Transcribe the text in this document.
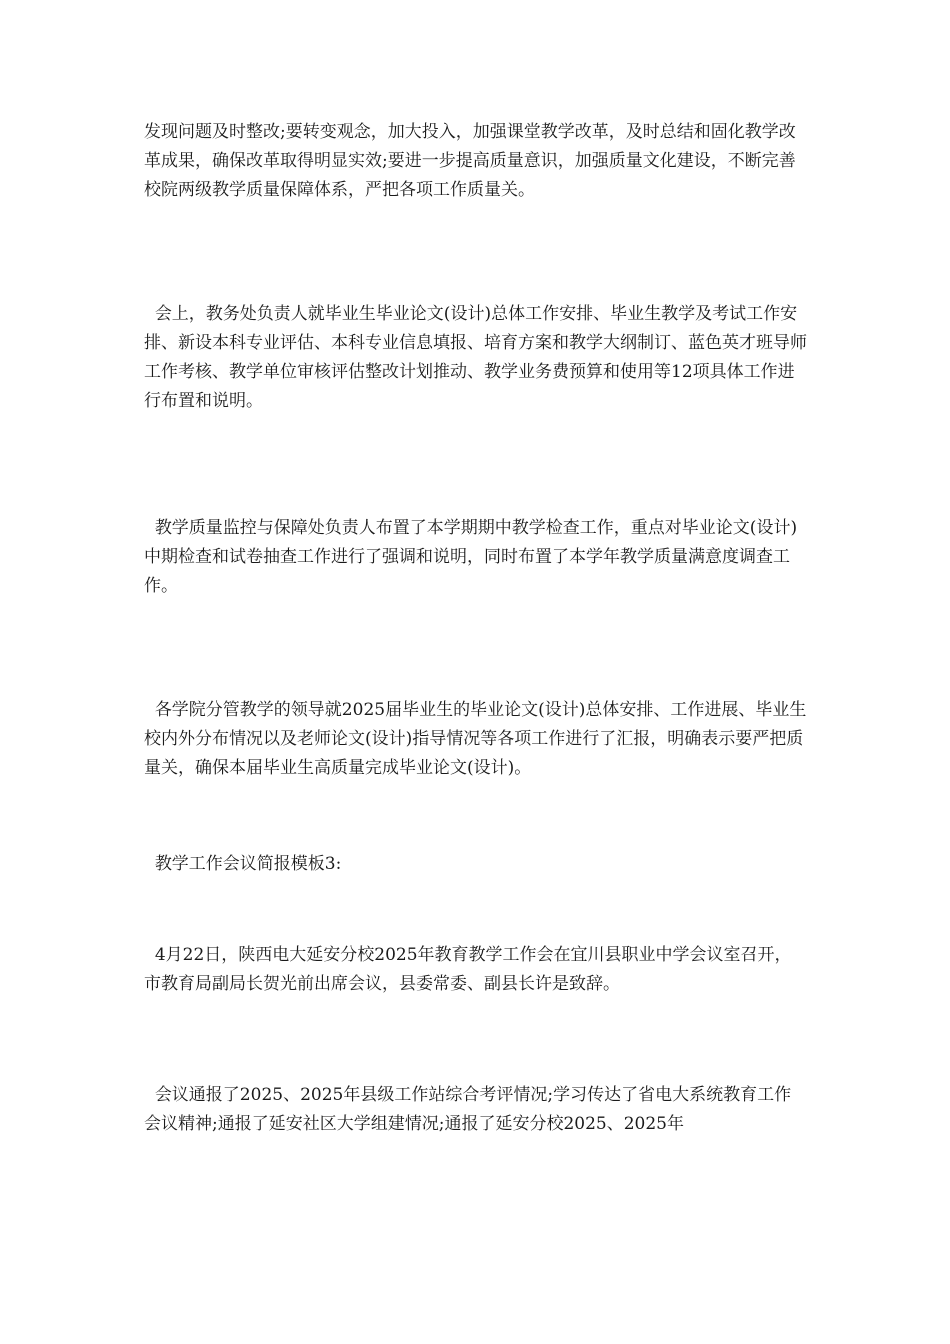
发现问题及时整改;要转变观念，加大投入，加强课堂教学改革，及时总结和固化教学改革成果，确保改革取得明显实效;要进一步提高质量意识，加强质量文化建设，不断完善校院两级教学质量保障体系，严把各项工作质量关。
会上，教务处负责人就毕业生毕业论文(设计)总体工作安排、毕业生教学及考试工作安排、新设本科专业评估、本科专业信息填报、培育方案和教学大纲制订、蓝色英才班导师工作考核、教学单位审核评估整改计划推动、教学业务费预算和使用等12项具体工作进行布置和说明。
教学质量监控与保障处负责人布置了本学期期中教学检查工作，重点对毕业论文(设计)中期检查和试卷抽查工作进行了强调和说明，同时布置了本学年教学质量满意度调查工作。
各学院分管教学的领导就2025届毕业生的毕业论文(设计)总体安排、工作进展、毕业生校内外分布情况以及老师论文(设计)指导情况等各项工作进行了汇报，明确表示要严把质量关，确保本届毕业生高质量完成毕业论文(设计)。
教学工作会议简报模板3:
4月22日，陕西电大延安分校2025年教育教学工作会在宜川县职业中学会议室召开，市教育局副局长贺光前出席会议，县委常委、副县长许是致辞。
会议通报了2025、2025年县级工作站综合考评情况;学习传达了省电大系统教育工作会议精神;通报了延安社区大学组建情况;通报了延安分校2025、2025年
